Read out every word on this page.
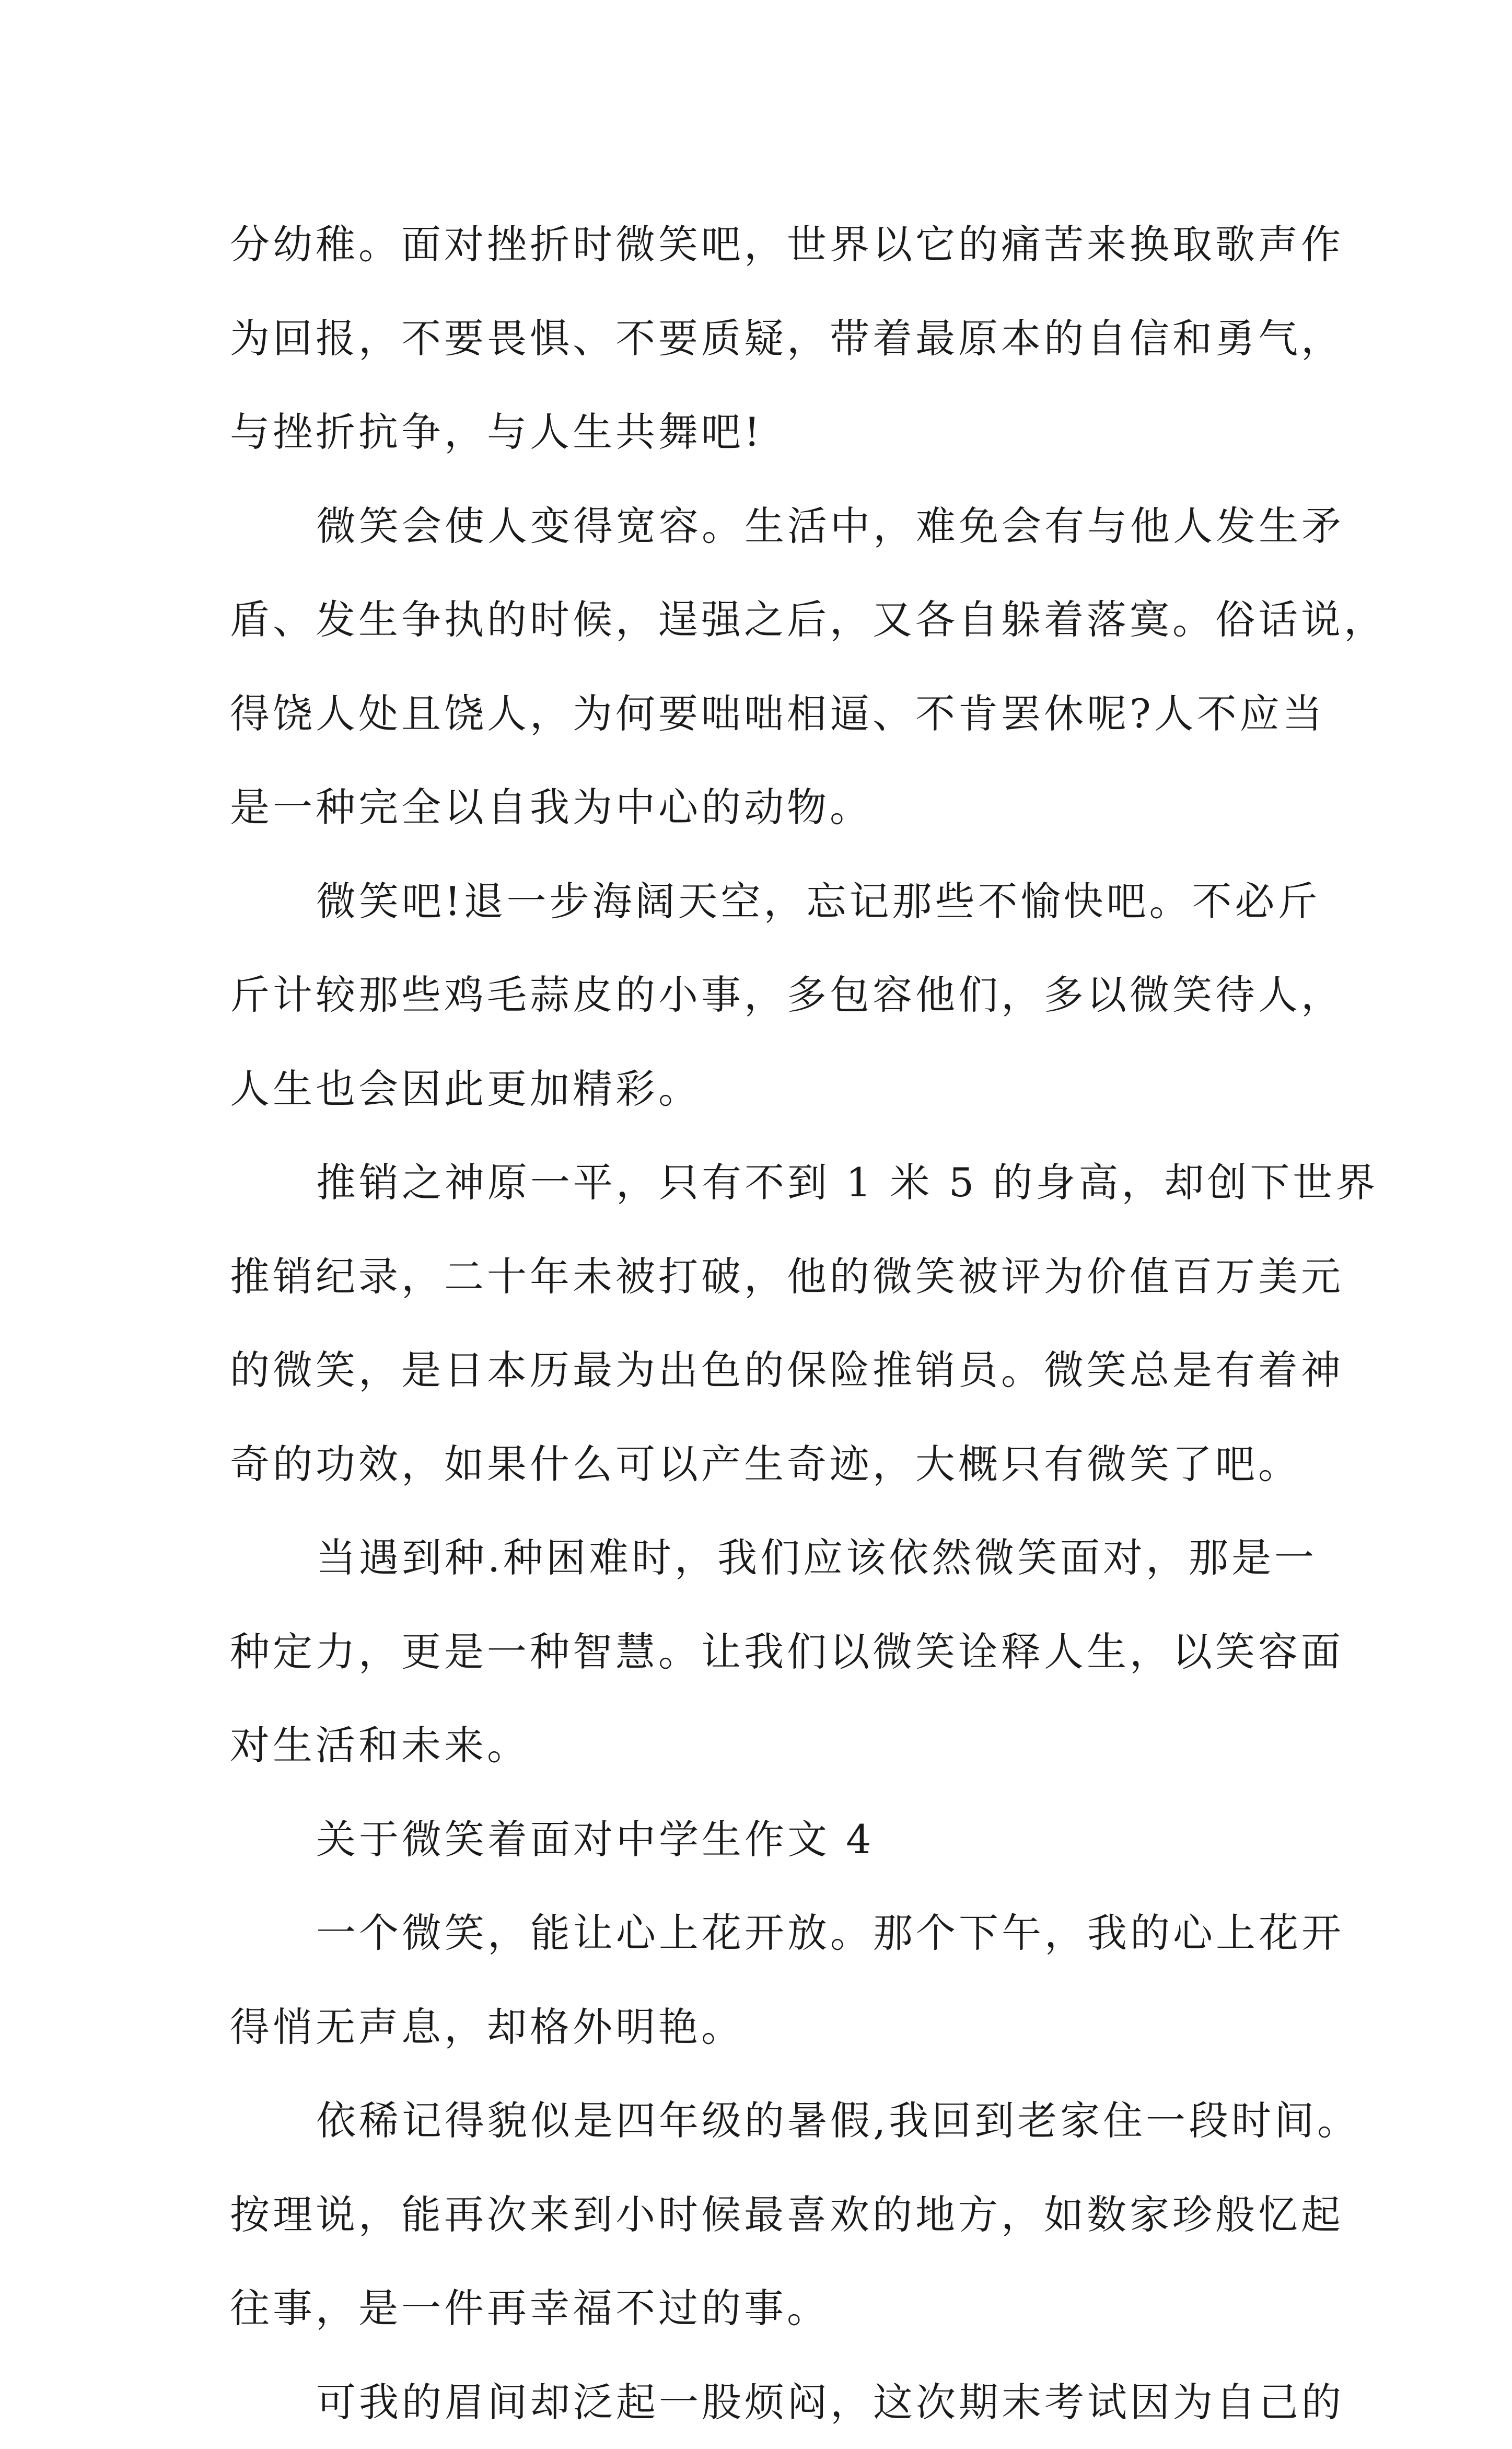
分幼稚。面对挫折时微笑吧，世界以它的痛苦来换取歌声作
为回报，不要畏惧、不要质疑，带着最原本的自信和勇气，
与挫折抗争，与人生共舞吧!
微笑会使人变得宽容。生活中，难免会有与他人发生矛
盾、发生争执的时候，逞强之后，又各自躲着落寞。俗话说，
得饶人处且饶人，为何要咄咄相逼、不肯罢休呢?人不应当
是一种完全以自我为中心的动物。
微笑吧!退一步海阔天空，忘记那些不愉快吧。不必斤
斤计较那些鸡毛蒜皮的小事，多包容他们，多以微笑待人，
人生也会因此更加精彩。
推销之神原一平，只有不到 1 米 5 的身高，却创下世界
推销纪录，二十年未被打破，他的微笑被评为价值百万美元
的微笑，是日本历最为出色的保险推销员。微笑总是有着神
奇的功效，如果什么可以产生奇迹，大概只有微笑了吧。
当遇到种.种困难时，我们应该依然微笑面对，那是一
种定力，更是一种智慧。让我们以微笑诠释人生，以笑容面
对生活和未来。
关于微笑着面对中学生作文 4
一个微笑，能让心上花开放。那个下午，我的心上花开
得悄无声息，却格外明艳。
依稀记得貌似是四年级的暑假,我回到老家住一段时间。
按理说，能再次来到小时候最喜欢的地方，如数家珍般忆起
往事，是一件再幸福不过的事。
可我的眉间却泛起一股烦闷，这次期末考试因为自己的
